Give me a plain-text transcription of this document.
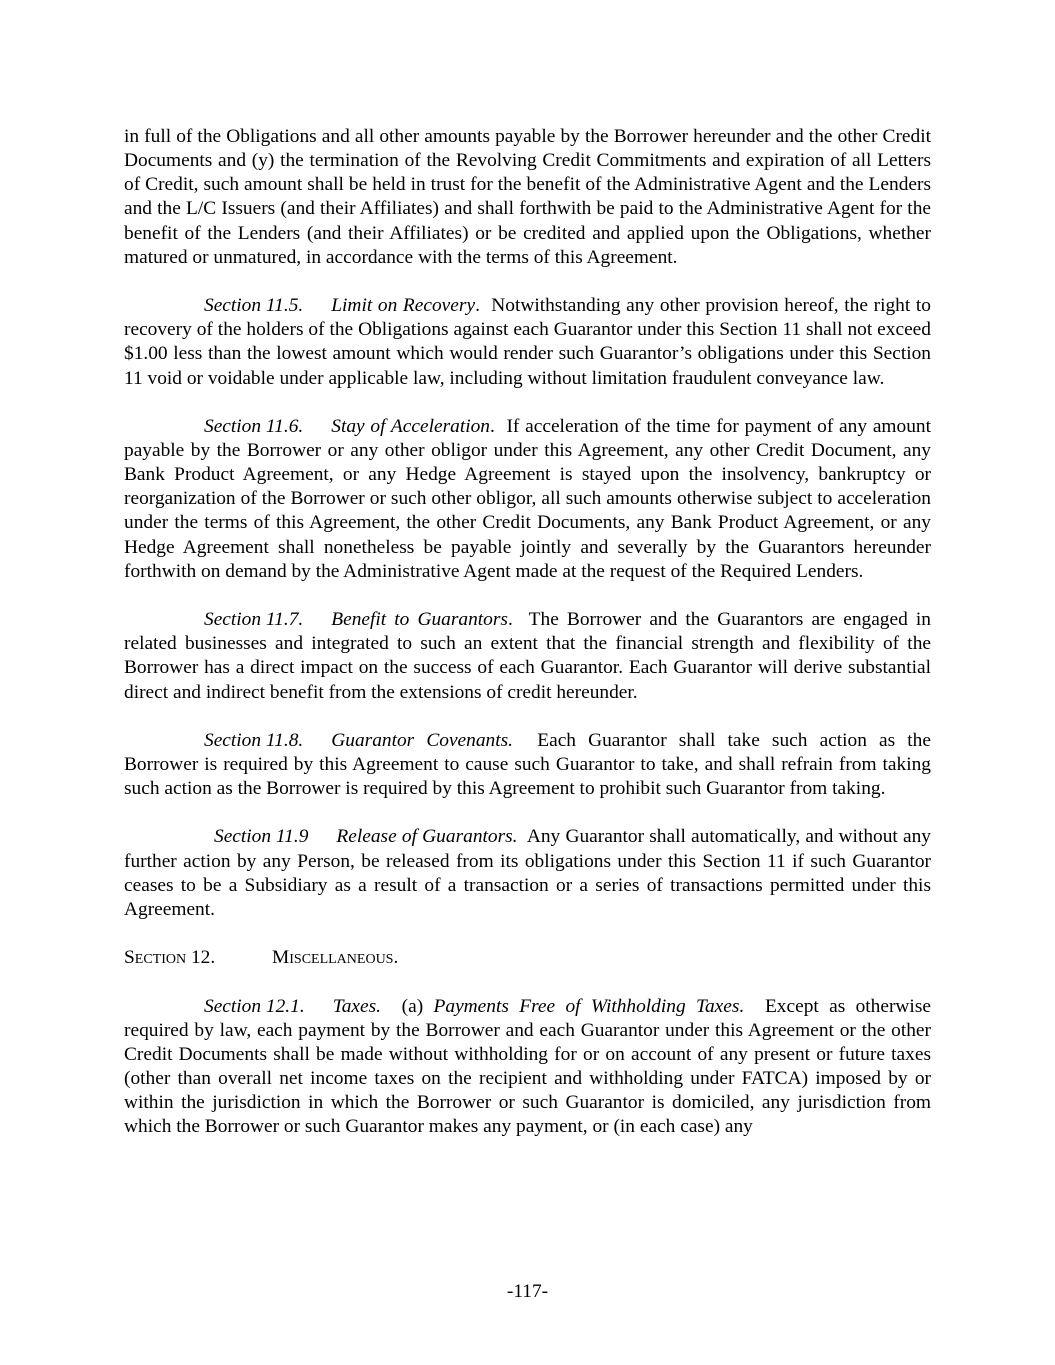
in full of the Obligations and all other amounts payable by the Borrower hereunder and the other Credit Documents and (y) the termination of the Revolving Credit Commitments and expiration of all Letters of Credit, such amount shall be held in trust for the benefit of the Administrative Agent and the Lenders and the L/C Issuers (and their Affiliates) and shall forthwith be paid to the Administrative Agent for the benefit of the Lenders (and their Affiliates) or be credited and applied upon the Obligations, whether matured or unmatured, in accordance with the terms of this Agreement.

Section 11.5. Limit on Recovery. Notwithstanding any other provision hereof, the right to recovery of the holders of the Obligations against each Guarantor under this Section 11 shall not exceed $1.00 less than the lowest amount which would render such Guarantor’s obligations under this Section 11 void or voidable under applicable law, including without limitation fraudulent conveyance law.

Section 11.6. Stay of Acceleration. If acceleration of the time for payment of any amount payable by the Borrower or any other obligor under this Agreement, any other Credit Document, any Bank Product Agreement, or any Hedge Agreement is stayed upon the insolvency, bankruptcy or reorganization of the Borrower or such other obligor, all such amounts otherwise subject to acceleration under the terms of this Agreement, the other Credit Documents, any Bank Product Agreement, or any Hedge Agreement shall nonetheless be payable jointly and severally by the Guarantors hereunder forthwith on demand by the Administrative Agent made at the request of the Required Lenders.

Section 11.7. Benefit to Guarantors. The Borrower and the Guarantors are engaged in related businesses and integrated to such an extent that the financial strength and flexibility of the Borrower has a direct impact on the success of each Guarantor. Each Guarantor will derive substantial direct and indirect benefit from the extensions of credit hereunder.

Section 11.8. Guarantor Covenants. Each Guarantor shall take such action as the Borrower is required by this Agreement to cause such Guarantor to take, and shall refrain from taking such action as the Borrower is required by this Agreement to prohibit such Guarantor from taking.

Section 11.9 Release of Guarantors. Any Guarantor shall automatically, and without any further action by any Person, be released from its obligations under this Section 11 if such Guarantor ceases to be a Subsidiary as a result of a transaction or a series of transactions permitted under this Agreement.

Section 12.	Miscellaneous.

Section 12.1. Taxes. (a) Payments Free of Withholding Taxes. Except as otherwise required by law, each payment by the Borrower and each Guarantor under this Agreement or the other Credit Documents shall be made without withholding for or on account of any present or future taxes (other than overall net income taxes on the recipient and withholding under FATCA) imposed by or within the jurisdiction in which the Borrower or such Guarantor is domiciled, any jurisdiction from which the Borrower or such Guarantor makes any payment, or (in each case) any

-117-
